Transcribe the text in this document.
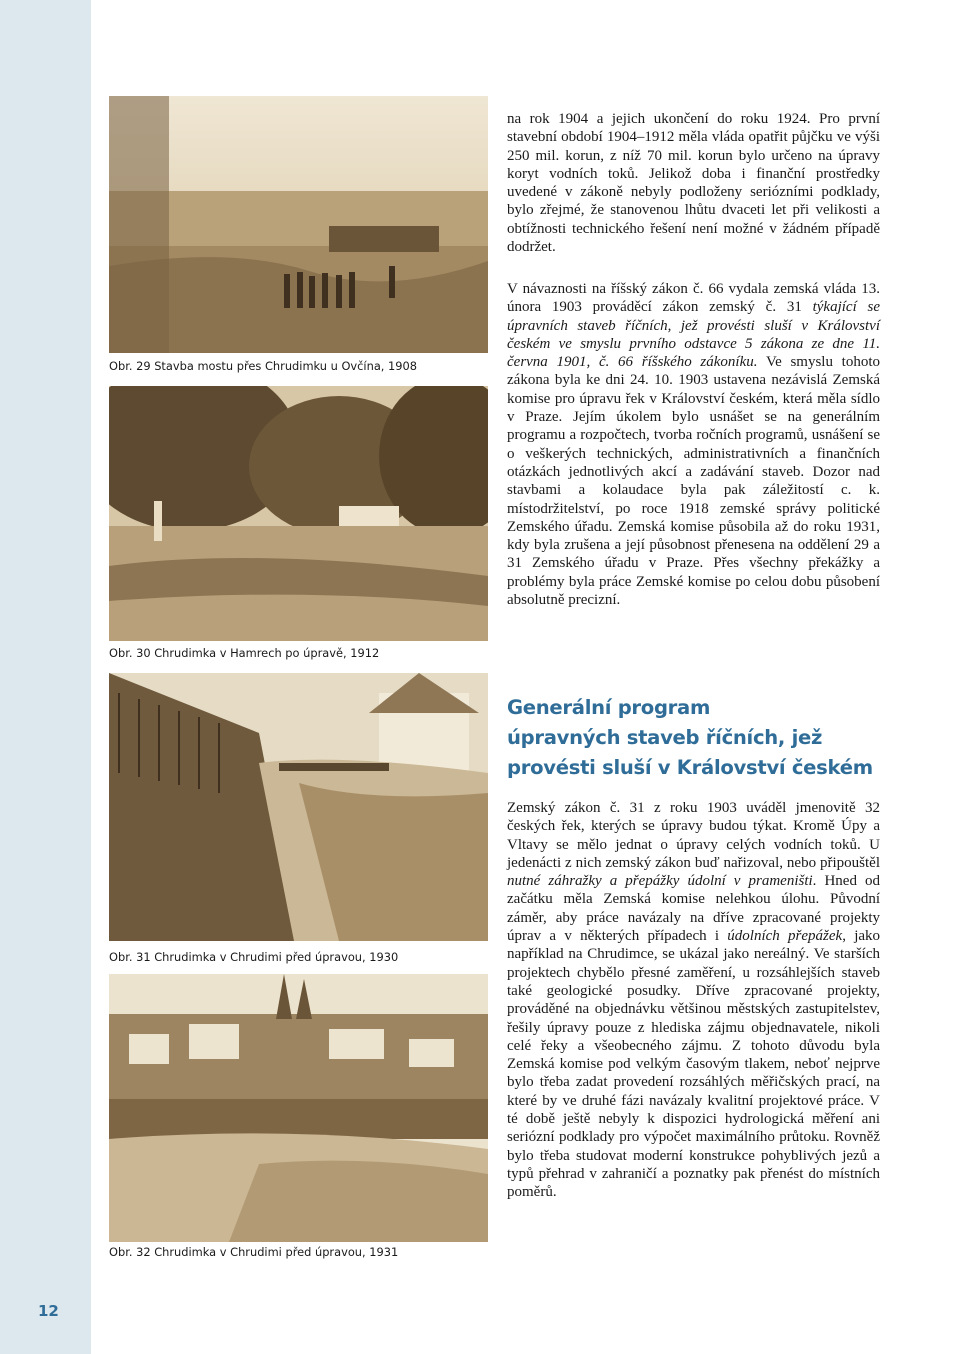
12
Obr. 29 Stavba mostu přes Chrudimku u Ovčína, 1908
Obr. 30 Chrudimka v Hamrech po úpravě, 1912
Obr. 31 Chrudimka v Chrudimi před úpravou, 1930
Obr. 32 Chrudimka v Chrudimi před úpravou, 1931

na rok 1904 a jejich ukončení do roku 1924. Pro první stavební období 1904–1912 měla vláda opatřit půjčku ve výši 250 mil. korun, z níž 70 mil. korun bylo určeno na úpravy koryt vodních toků. Jelikož doba i finanční prostředky uvedené v zákoně nebyly podloženy seriózními podklady, bylo zřejmé, že stanovenou lhůtu dvaceti let při velikosti a obtížnosti technického řešení není možné v žádném případě dodržet.

V návaznosti na říšský zákon č. 66 vydala zemská vláda 13. února 1903 prováděcí zákon zemský č. 31 týkající se úpravních staveb říčních, jež provésti sluší v Království českém ve smyslu prvního odstavce 5 zákona ze dne 11. června 1901, č. 66 říšského zákoníku. Ve smyslu tohoto zákona byla ke dni 24. 10. 1903 ustavena nezávislá Zemská komise pro úpravu řek v Království českém, která měla sídlo v Praze. Jejím úkolem bylo usnášet se na generálním programu a rozpočtech, tvorba ročních programů, usnášení se o veškerých technických, administrativních a finančních otázkách jednotlivých akcí a zadávání staveb. Dozor nad stavbami a kolaudace byla pak záležitostí c. k. místodržitelství, po roce 1918 zemské správy politické Zemského úřadu. Zemská komise působila až do roku 1931, kdy byla zrušena a její působnost přenesena na oddělení 29 a 31 Zemského úřadu v Praze. Přes všechny překážky a problémy byla práce Zemské komise po celou dobu působení absolutně precizní.

Generální program
úpravných staveb říčních, jež
provésti sluší v Království českém

Zemský zákon č. 31 z roku 1903 uváděl jmenovitě 32 českých řek, kterých se úpravy budou týkat. Kromě Úpy a Vltavy se mělo jednat o úpravy celých vodních toků. U jedenácti z nich zemský zákon buď nařizoval, nebo připouštěl nutné záhražky a přepážky údolní v prameništi. Hned od začátku měla Zemská komise nelehkou úlohu. Původní záměr, aby práce navázaly na dříve zpracované projekty úprav a v některých případech i údolních přepážek, jako například na Chrudimce, se ukázal jako nereálný. Ve starších projektech chybělo přesné zaměření, u rozsáhlejších staveb také geologické posudky. Dříve zpracované projekty, prováděné na objednávku většinou městských zastupitelstev, řešily úpravy pouze z hlediska zájmu objednavatele, nikoli celé řeky a všeobecného zájmu. Z tohoto důvodu byla Zemská komise pod velkým časovým tlakem, neboť nejprve bylo třeba zadat provedení rozsáhlých měřičských prací, na které by ve druhé fázi navázaly kvalitní projektové práce. V té době ještě nebyly k dispozici hydrologická měření ani seriózní podklady pro výpočet maximálního průtoku. Rovněž bylo třeba studovat moderní konstrukce pohyblivých jezů a typů přehrad v zahraničí a poznatky pak přenést do místních poměrů.
